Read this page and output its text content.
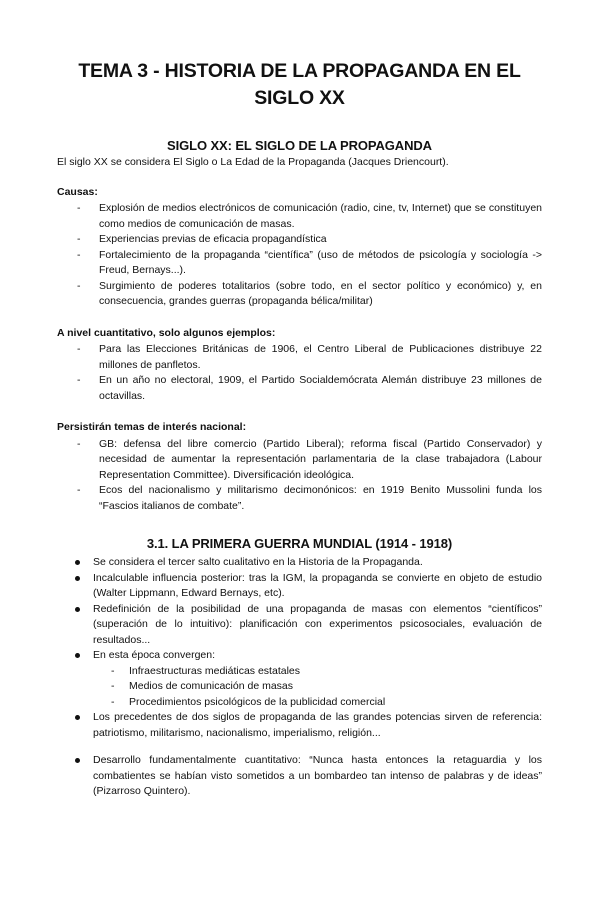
TEMA 3 - HISTORIA DE LA PROPAGANDA EN EL SIGLO XX
SIGLO XX: EL SIGLO DE LA PROPAGANDA

El siglo XX se considera El Siglo o La Edad de la Propaganda (Jacques Driencourt).

Causas:
- Explosión de medios electrónicos de comunicación (radio, cine, tv, Internet) que se constituyen como medios de comunicación de masas.
- Experiencias previas de eficacia propagandística
- Fortalecimiento de la propaganda “científica” (uso de métodos de psicología y sociología -> Freud, Bernays...).
- Surgimiento de poderes totalitarios (sobre todo, en el sector político y económico) y, en consecuencia, grandes guerras (propaganda bélica/militar)
A nivel cuantitativo, solo algunos ejemplos:
- Para las Elecciones Británicas de 1906, el Centro Liberal de Publicaciones distribuye 22 millones de panfletos.
- En un año no electoral, 1909, el Partido Socialdemócrata Alemán distribuye 23 millones de octavillas.
Persistirán temas de interés nacional:
- GB: defensa del libre comercio (Partido Liberal); reforma fiscal (Partido Conservador) y necesidad de aumentar la representación parlamentaria de la clase trabajadora (Labour Representation Committee). Diversificación ideológica.
- Ecos del nacionalismo y militarismo decimonónicos: en 1919 Benito Mussolini funda los “Fascios italianos de combate”.
3.1. LA PRIMERA GUERRA MUNDIAL (1914 - 1918)
Se considera el tercer salto cualitativo en la Historia de la Propaganda.
Incalculable influencia posterior: tras la IGM, la propaganda se convierte en objeto de estudio (Walter Lippmann, Edward Bernays, etc).
Redefinición de la posibilidad de una propaganda de masas con elementos “científicos” (superación de lo intuitivo): planificación con experimentos psicosociales, evaluación de resultados...
En esta época convergen:
- Infraestructuras mediáticas estatales
- Medios de comunicación de masas
- Procedimientos psicológicos de la publicidad comercial
Los precedentes de dos siglos de propaganda de las grandes potencias sirven de referencia: patriotismo, militarismo, nacionalismo, imperialismo, religión...
Desarrollo fundamentalmente cuantitativo: “Nunca hasta entonces la retaguardia y los combatientes se habían visto sometidos a un bombardeo tan intenso de palabras y de ideas” (Pizarroso Quintero).
